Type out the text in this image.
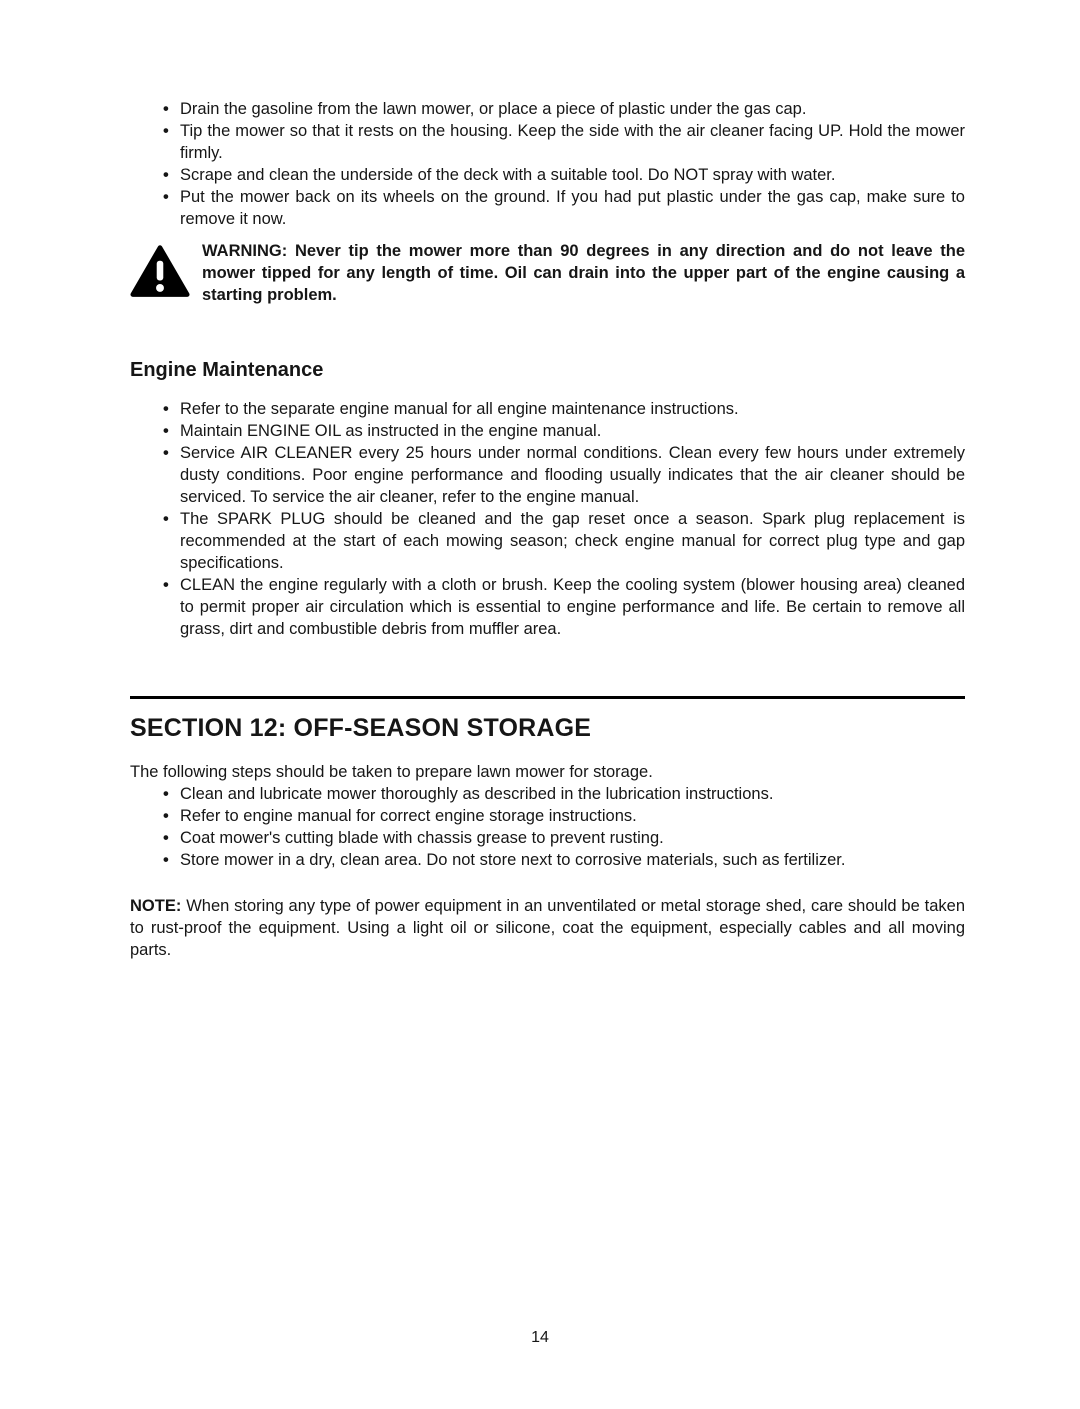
• Drain the gasoline from the lawn mower, or place a piece of plastic under the gas cap.
• Tip the mower so that it rests on the housing. Keep the side with the air cleaner facing UP. Hold the mower firmly.
• Scrape and clean the underside of the deck with a suitable tool. Do NOT spray with water.
• Put the mower back on its wheels on the ground. If you had put plastic under the gas cap, make sure to remove it now.

WARNING: Never tip the mower more than 90 degrees in any direction and do not leave the mower tipped for any length of time. Oil can drain into the upper part of the engine causing a starting problem.

Engine Maintenance
• Refer to the separate engine manual for all engine maintenance instructions.
• Maintain ENGINE OIL as instructed in the engine manual.
• Service AIR CLEANER every 25 hours under normal conditions. Clean every few hours under extremely dusty conditions. Poor engine performance and flooding usually indicates that the air cleaner should be serviced. To service the air cleaner, refer to the engine manual.
• The SPARK PLUG should be cleaned and the gap reset once a season. Spark plug replacement is recommended at the start of each mowing season; check engine manual for correct plug type and gap specifications.
• CLEAN the engine regularly with a cloth or brush. Keep the cooling system (blower housing area) cleaned to permit proper air circulation which is essential to engine performance and life. Be certain to remove all grass, dirt and combustible debris from muffler area.
SECTION 12: OFF-SEASON STORAGE

The following steps should be taken to prepare lawn mower for storage.

• Clean and lubricate mower thoroughly as described in the lubrication instructions.
• Refer to engine manual for correct engine storage instructions.
• Coat mower's cutting blade with chassis grease to prevent rusting.
• Store mower in a dry, clean area. Do not store next to corrosive materials, such as fertilizer.

NOTE: When storing any type of power equipment in an unventilated or metal storage shed, care should be taken to rust-proof the equipment. Using a light oil or silicone, coat the equipment, especially cables and all moving parts.

14
